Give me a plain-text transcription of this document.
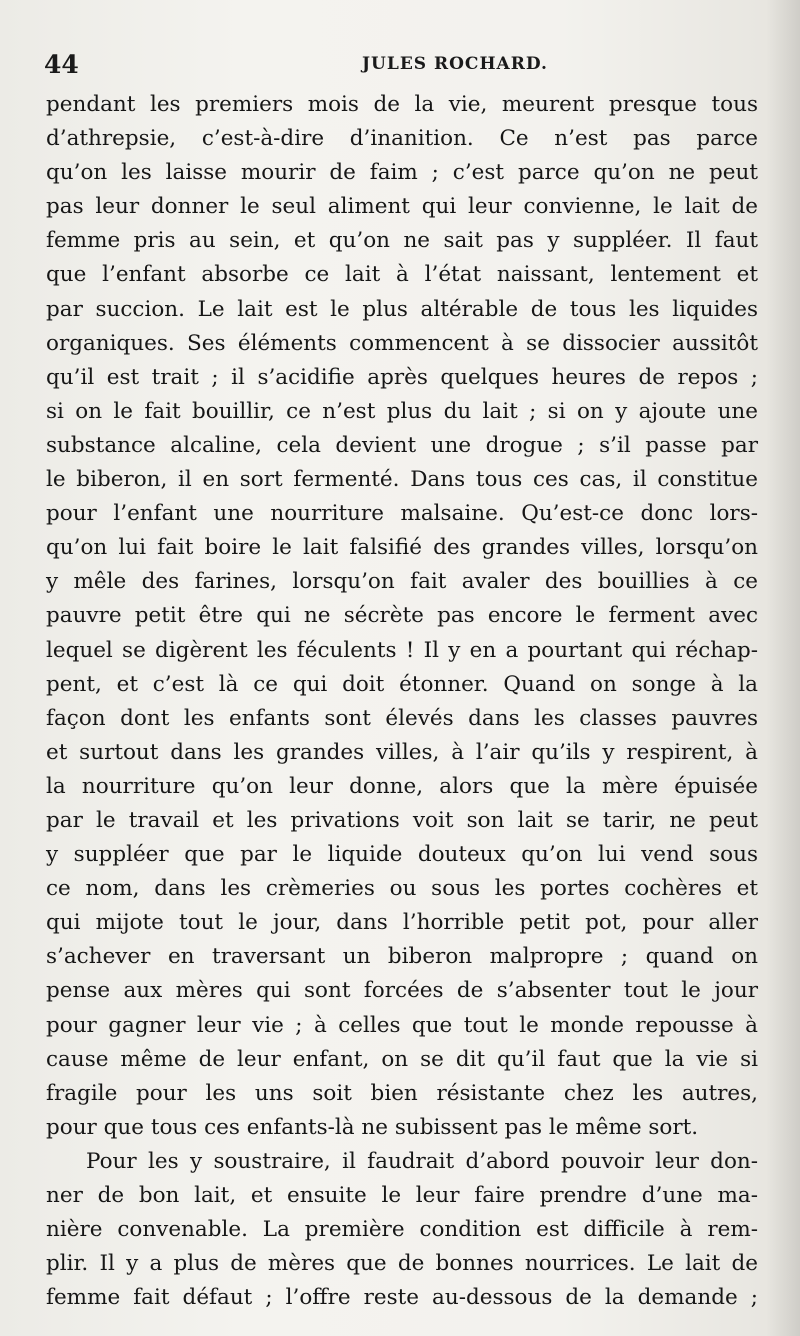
44	JULES ROCHARD.
pendant les premiers mois de la vie, meurent presque tous
d’athrepsie, c’est-à-dire d’inanition. Ce n’est pas parce
qu’on les laisse mourir de faim ; c’est parce qu’on ne peut
pas leur donner le seul aliment qui leur convienne, le lait de
femme pris au sein, et qu’on ne sait pas y suppléer. Il faut
que l’enfant absorbe ce lait à l’état naissant, lentement et
par succion. Le lait est le plus altérable de tous les liquides
organiques. Ses éléments commencent à se dissocier aussitôt
qu’il est trait ; il s’acidifie après quelques heures de repos ;
si on le fait bouillir, ce n’est plus du lait ; si on y ajoute une
substance alcaline, cela devient une drogue ; s’il passe par
le biberon, il en sort fermenté. Dans tous ces cas, il constitue
pour l’enfant une nourriture malsaine. Qu’est-ce donc lors-
qu’on lui fait boire le lait falsifié des grandes villes, lorsqu’on
y mêle des farines, lorsqu’on fait avaler des bouillies à ce
pauvre petit être qui ne sécrète pas encore le ferment avec
lequel se digèrent les féculents ! Il y en a pourtant qui réchap-
pent, et c’est là ce qui doit étonner. Quand on songe à la
façon dont les enfants sont élevés dans les classes pauvres
et surtout dans les grandes villes, à l’air qu’ils y respirent, à
la nourriture qu’on leur donne, alors que la mère épuisée
par le travail et les privations voit son lait se tarir, ne peut
y suppléer que par le liquide douteux qu’on lui vend sous
ce nom, dans les crèmeries ou sous les portes cochères et
qui mijote tout le jour, dans l’horrible petit pot, pour aller
s’achever en traversant un biberon malpropre ; quand on
pense aux mères qui sont forcées de s’absenter tout le jour
pour gagner leur vie ; à celles que tout le monde repousse à
cause même de leur enfant, on se dit qu’il faut que la vie si
fragile pour les uns soit bien résistante chez les autres,
pour que tous ces enfants-là ne subissent pas le même sort.
Pour les y soustraire, il faudrait d’abord pouvoir leur don-
ner de bon lait, et ensuite le leur faire prendre d’une ma-
nière convenable. La première condition est difficile à rem-
plir. Il y a plus de mères que de bonnes nourrices. Le lait de
femme fait défaut ; l’offre reste au-dessous de la demande ;
